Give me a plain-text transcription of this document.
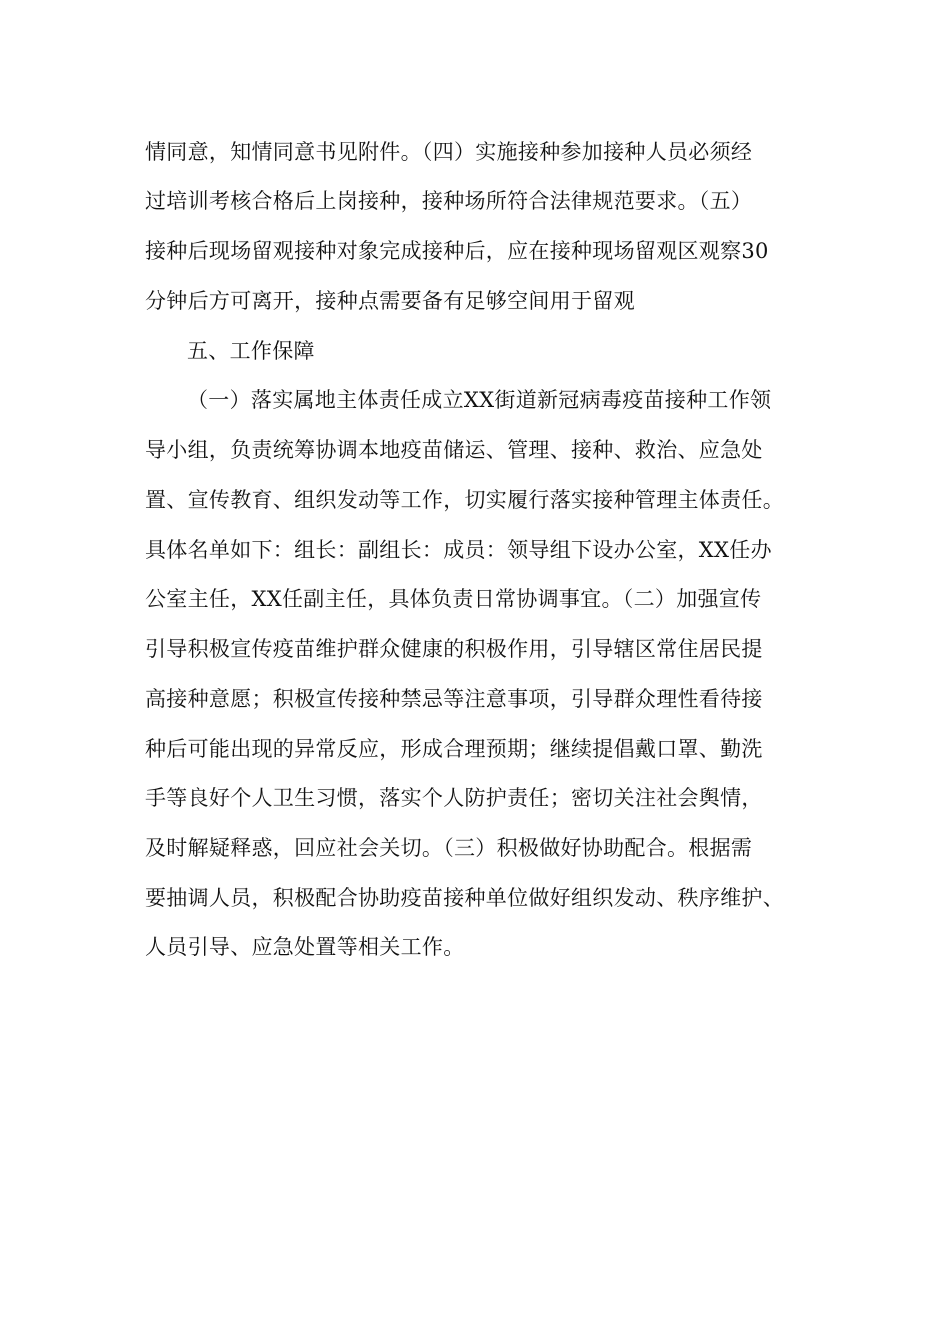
情同意，知情同意书见附件。（四）实施接种参加接种人员必须经
过培训考核合格后上岗接种，接种场所符合法律规范要求。（五）
接种后现场留观接种对象完成接种后，应在接种现场留观区观察30
分钟后方可离开，接种点需要备有足够空间用于留观
五、工作保障
（一）落实属地主体责任成立XX街道新冠病毒疫苗接种工作领
导小组，负责统筹协调本地疫苗储运、管理、接种、救治、应急处
置、宣传教育、组织发动等工作，切实履行落实接种管理主体责任。
具体名单如下：组长：副组长：成员：领导组下设办公室，XX任办
公室主任，XX任副主任，具体负责日常协调事宜。（二）加强宣传
引导积极宣传疫苗维护群众健康的积极作用，引导辖区常住居民提
高接种意愿；积极宣传接种禁忌等注意事项，引导群众理性看待接
种后可能出现的异常反应，形成合理预期；继续提倡戴口罩、勤洗
手等良好个人卫生习惯，落实个人防护责任；密切关注社会舆情，
及时解疑释惑，回应社会关切。（三）积极做好协助配合。根据需
要抽调人员，积极配合协助疫苗接种单位做好组织发动、秩序维护、
人员引导、应急处置等相关工作。
